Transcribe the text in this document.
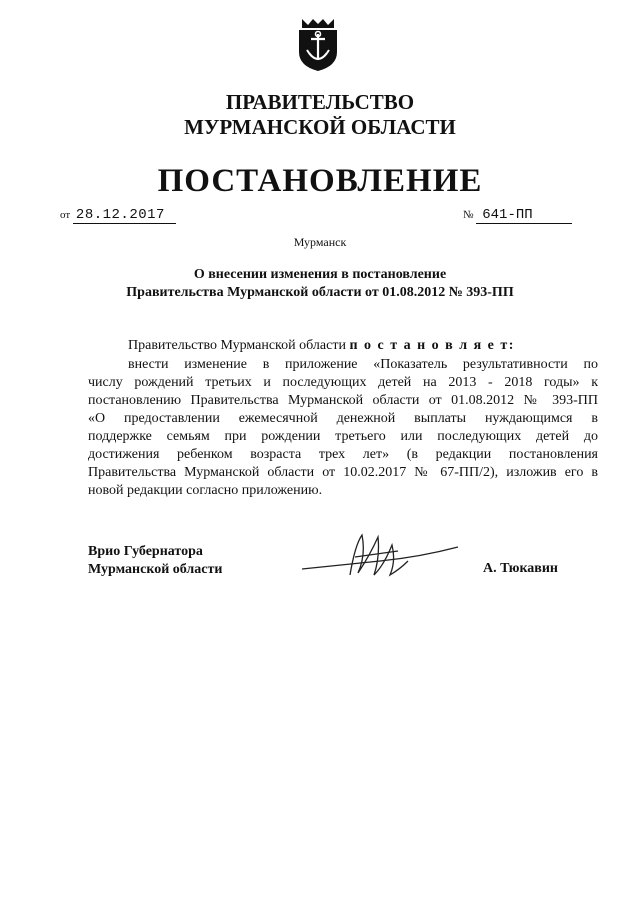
ПРАВИТЕЛЬСТВО
МУРМАНСКОЙ ОБЛАСТИ
ПОСТАНОВЛЕНИЕ
от 28.12.2017	№ 641-ПП
Мурманск
О внесении изменения в постановление
Правительства Мурманской области от 01.08.2012 № 393-ПП
Правительство Мурманской области п о с т а н о в л я е т:
внести изменение в приложение «Показатель результативности по
числу рождений третьих и последующих детей на 2013 - 2018 годы» к
постановлению Правительства Мурманской области от 01.08.2012 № 393-ПП
«О предоставлении ежемесячной денежной выплаты нуждающимся в
поддержке семьям при рождении третьего или последующих детей до
достижения ребенком возраста трех лет» (в редакции постановления
Правительства Мурманской области от 10.02.2017 № 67-ПП/2), изложив его в
новой редакции согласно приложению.
Врио Губернатора
Мурманской области	А. Тюкавин
